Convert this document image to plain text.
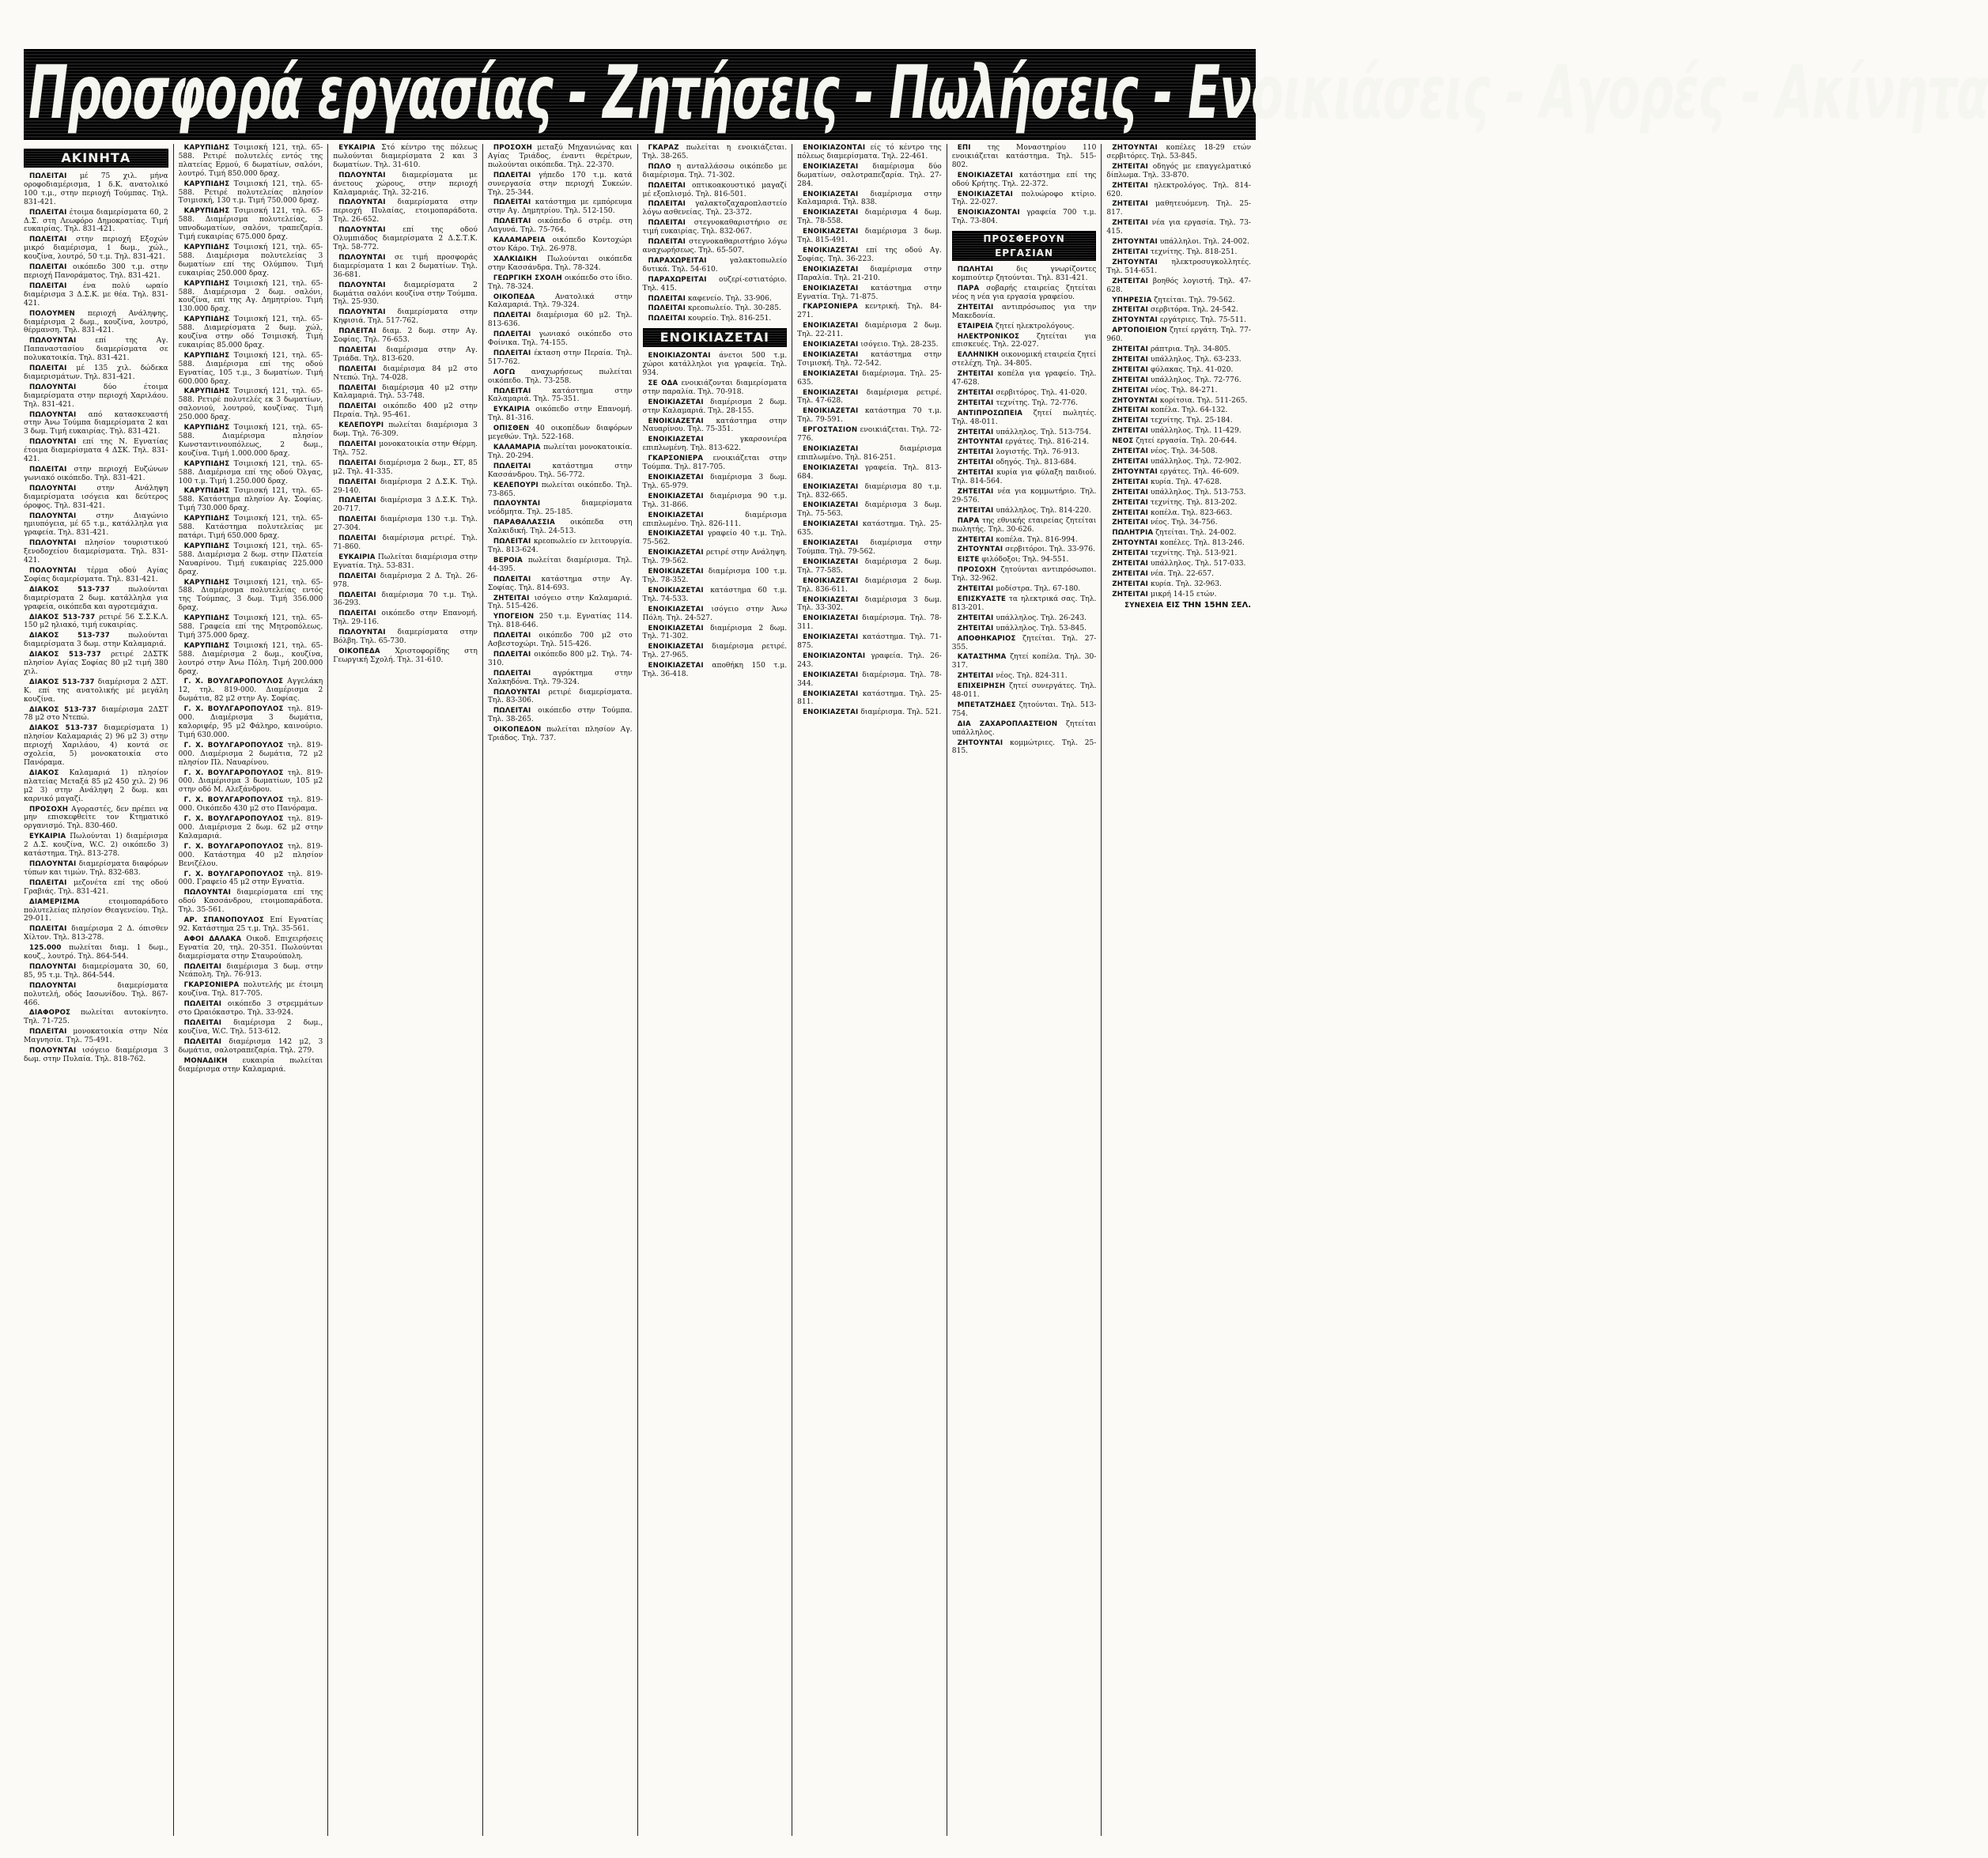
Προσφορά εργασίας - Ζητήσεις - Πωλήσεις - Ενοικιάσεις - Αγορές - Ακίνητα
ΑΚΙΝΗΤΑ

ΠΩΛΕΙΤΑΙ μέ 75 χιλ. μήνα οροφοδιαμέρισμα, 1 δ.Κ. ανατολικό 100 τ.μ., στην περιοχή Τούμπας. Τηλ. 831-421.

ΠΩΛΕΙΤΑΙ έτοιμα διαμερίσματα 60, 2 Δ.Σ. στη Λεωφόρο Δημοκρατίας. Τιμή ευκαιρίας. Τηλ. 831-421.

ΠΩΛΕΙΤΑΙ στην περιοχή Εξοχών μικρό διαμέρισμα, 1 δωμ., χώλ., κουζίνα, λουτρό, 50 τ.μ. Τηλ. 831-421.

ΠΩΛΕΙΤΑΙ οικόπεδο 300 τ.μ. στην περιοχή Πανοράματος. Τηλ. 831-421.

ΠΩΛΕΙΤΑΙ ένα πολύ ωραίο διαμέρισμα 3 Δ.Σ.Κ. με θέα. Τηλ. 831-421.

ΠΟΛΟΥΜΕΝ περιοχή Ανάληψης, διαμέρισμα 2 δωμ., κουζίνα, λουτρό, θέρμανση. Τηλ. 831-421.

ΠΩΛΟΥΝΤΑΙ επί της Αγ. Παπαναστασίου διαμερίσματα σε πολυκατοικία. Τηλ. 831-421.

ΠΩΛΕΙΤΑΙ μέ 135 χιλ. δώδεκα διαμερισμάτων. Τηλ. 831-421.

ΠΩΛΟΥΝΤΑΙ δύο έτοιμα διαμερίσματα στην περιοχή Χαριλάου. Τηλ. 831-421.

ΠΩΛΟΥΝΤΑΙ από κατασκευαστή στην Άνω Τούμπα διαμερίσματα 2 και 3 δωμ. Τιμή ευκαιρίας. Τηλ. 831-421.

ΠΩΛΟΥΝΤΑΙ επί της Ν. Εγνατίας έτοιμα διαμερίσματα 4 ΔΣΚ. Τηλ. 831-421.

ΠΩΛΕΙΤΑΙ στην περιοχή Ευζώνων γωνιακό οικόπεδο. Τηλ. 831-421.

ΠΩΛΟΥΝΤΑΙ στην Ανάληψη διαμερίσματα ισόγεια και δεύτερος όροφος. Τηλ. 831-421.

ΠΩΛΟΥΝΤΑΙ στην Διαγώνιο ημιυπόγεια, μέ 65 τ.μ., κατάλληλα για γραφεία. Τηλ. 831-421.

ΠΩΛΟΥΝΤΑΙ πλησίον τουριστικού ξενοδοχείου διαμερίσματα. Τηλ. 831-421.

ΠΟΛΟΥΝΤΑΙ τέρμα οδού Αγίας Σοφίας διαμερίσματα. Τηλ. 831-421.

ΔΙΑΚΟΣ 513-737 πωλούνται διαμερίσματα 2 δωμ. κατάλληλα για γραφεία, οικόπεδα και αγροτεμάχια.

ΔΙΑΚΟΣ 513-737 ρετιρέ 56 Σ.Σ.Κ.Λ. 150 μ2 ηλιακό, τιμή ευκαιρίας.

ΔΙΑΚΟΣ 513-737 πωλούνται διαμερίσματα 3 δωμ. στην Καλαμαριά.

ΔΙΑΚΟΣ 513-737 ρετιρέ 2ΔΣΤΚ πλησίον Αγίας Σοφίας 80 μ2 τιμή 380 χιλ.

ΔΙΑΚΟΣ 513-737 διαμέρισμα 2 ΔΣΤ. Κ. επί της ανατολικής μέ μεγάλη κουζίνα.

ΔΙΑΚΟΣ 513-737 διαμέρισμα 2ΔΣΤ 78 μ2 στο Ντεπώ.

ΔΙΑΚΟΣ 513-737 διαμερίσματα 1) πλησίον Καλαμαριάς 2) 96 μ2 3) στην περιοχή Χαριλάου, 4) κοντά σε σχολεία, 5) μονοκατοικία στο Πανόραμα.

ΔΙΑΚΟΣ Καλαμαριά 1) πλησίον πλατείας Μεταξά 85 μ2 450 χιλ. 2) 96 μ2 3) στην Ανάληψη 2 δωμ. και καρνικό μαγαζί.

ΠΡΟΣΟΧΗ Αγοραστές, δεν πρέπει να μην επισκεφθείτε τον Κτηματικό οργανισμό. Τηλ. 830-460.

ΕΥΚΑΙΡΙΑ Πωλούνται 1) διαμέρισμα 2 Δ.Σ. κουζίνα, W.C. 2) οικόπεδο 3) κατάστημα. Τηλ. 813-278.

ΠΩΛΟΥΝΤΑΙ διαμερίσματα διαφόρων τύπων και τιμών. Τηλ. 832-683.

ΠΩΛΕΙΤΑΙ μεζονέτα επί της οδού Γραβιάς. Τηλ. 831-421.

ΔΙΑΜΕΡΙΣΜΑ ετοιμοπαράδοτο πολυτελείας πλησίον Θεαγενείου. Τηλ. 29-011.

ΠΩΛΕΙΤΑΙ διαμέρισμα 2 Δ. όπισθεν Χίλτον. Τηλ. 813-278.

125.000 πωλείται διαμ. 1 δωμ., κουζ., λουτρό. Τηλ. 864-544.

ΠΩΛΟΥΝΤΑΙ διαμερίσματα 30, 60, 85, 95 τ.μ. Τηλ. 864-544.

ΠΩΛΟΥΝΤΑΙ διαμερίσματα πολυτελή, οδός Ιασωνίδου. Τηλ. 867-466.

ΔΙΑΦΟΡΟΣ πωλείται αυτοκίνητο. Τηλ. 71-725.

ΠΩΛΕΙΤΑΙ μονοκατοικία στην Νέα Μαγνησία. Τηλ. 75-491.

ΠΟΛΟΥΝΤΑΙ ισόγειο διαμέρισμα 3 δωμ. στην Πυλαία. Τηλ. 818-762.

ΚΑΡΥΠΙΔΗΣ Τσιμισκή 121, τηλ. 65-588. Ρετιρέ πολυτελές εντός της πλατείας Ερμού, 6 δωματίων, σαλόνι, λουτρό. Τιμή 850.000 δραχ.

ΚΑΡΥΠΙΔΗΣ Τσιμισκή 121, τηλ. 65-588. Ρετιρέ πολυτελείας πλησίον Τσιμισκή, 130 τ.μ. Τιμή 750.000 δραχ.

ΚΑΡΥΠΙΔΗΣ Τσιμισκή 121, τηλ. 65-588. Διαμέρισμα πολυτελείας, 3 υπνοδωματίων, σαλόνι, τραπεζαρία. Τιμή ευκαιρίας 675.000 δραχ.

ΚΑΡΥΠΙΔΗΣ Τσιμισκή 121, τηλ. 65-588. Διαμέρισμα πολυτελείας 3 δωματίων επί της Ολύμπου. Τιμή ευκαιρίας 250.000 δραχ.

ΚΑΡΥΠΙΔΗΣ Τσιμισκή 121, τηλ. 65-588. Διαμέρισμα 2 δωμ. σαλόνι, κουζίνα, επί της Αγ. Δημητρίου. Τιμή 130.000 δραχ.

ΚΑΡΥΠΙΔΗΣ Τσιμισκή 121, τηλ. 65-588. Διαμερίσματα 2 δωμ. χώλ, κουζίνα στην οδό Τσιμισκή. Τιμή ευκαιρίας 85.000 δραχ.

ΚΑΡΥΠΙΔΗΣ Τσιμισκή 121, τηλ. 65-588. Διαμέρισμα επί της οδού Εγνατίας, 105 τ.μ., 3 δωματίων. Τιμή 600.000 δραχ.

ΚΑΡΥΠΙΔΗΣ Τσιμισκή 121, τηλ. 65-588. Ρετιρέ πολυτελές εκ 3 δωματίων, σαλονιού, λουτρού, κουζίνας. Τιμή 250.000 δραχ.

ΚΑΡΥΠΙΔΗΣ Τσιμισκή 121, τηλ. 65-588. Διαμέρισμα πλησίον Κωνσταντινουπόλεως, 2 δωμ., κουζίνα. Τιμή 1.000.000 δραχ.

ΚΑΡΥΠΙΔΗΣ Τσιμισκή 121, τηλ. 65-588. Διαμέρισμα επί της οδού Όλγας, 100 τ.μ. Τιμή 1.250.000 δραχ.

ΚΑΡΥΠΙΔΗΣ Τσιμισκή 121, τηλ. 65-588. Κατάστημα πλησίον Αγ. Σοφίας. Τιμή 730.000 δραχ.

ΚΑΡΥΠΙΔΗΣ Τσιμισκή 121, τηλ. 65-588. Κατάστημα πολυτελείας με πατάρι. Τιμή 650.000 δραχ.

ΚΑΡΥΠΙΔΗΣ Τσιμισκή 121, τηλ. 65-588. Διαμέρισμα 2 δωμ. στην Πλατεία Ναυαρίνου. Τιμή ευκαιρίας 225.000 δραχ.

ΚΑΡΥΠΙΔΗΣ Τσιμισκή 121, τηλ. 65-588. Διαμέρισμα πολυτελείας εντός της Τούμπας, 3 δωμ. Τιμή 356.000 δραχ.

ΚΑΡΥΠΙΔΗΣ Τσιμισκή 121, τηλ. 65-588. Γραφεία επί της Μητροπόλεως. Τιμή 375.000 δραχ.

ΚΑΡΥΠΙΔΗΣ Τσιμισκή 121, τηλ. 65-588. Διαμέρισμα 2 δωμ., κουζίνα, λουτρό στην Άνω Πόλη. Τιμή 200.000 δραχ.

Γ. Χ. ΒΟΥΛΓΑΡΟΠΟΥΛΟΣ Αγγελάκη 12, τηλ. 819-000. Διαμέρισμα 2 δωμάτια, 82 μ2 στην Αγ. Σοφίας.

Γ. Χ. ΒΟΥΛΓΑΡΟΠΟΥΛΟΣ τηλ. 819-000. Διαμέρισμα 3 δωμάτια, καλοριφέρ, 95 μ2 Φάληρο, καινούριο. Τιμή 630.000.

Γ. Χ. ΒΟΥΛΓΑΡΟΠΟΥΛΟΣ τηλ. 819-000. Διαμέρισμα 2 δωμάτια, 72 μ2 πλησίον Πλ. Ναυαρίνου.

Γ. Χ. ΒΟΥΛΓΑΡΟΠΟΥΛΟΣ τηλ. 819-000. Διαμέρισμα 3 δωματίων, 105 μ2 στην οδό Μ. Αλεξάνδρου.

Γ. Χ. ΒΟΥΛΓΑΡΟΠΟΥΛΟΣ τηλ. 819-000. Οικόπεδο 430 μ2 στο Πανόραμα.

Γ. Χ. ΒΟΥΛΓΑΡΟΠΟΥΛΟΣ τηλ. 819-000. Διαμέρισμα 2 δωμ. 62 μ2 στην Καλαμαριά.

Γ. Χ. ΒΟΥΛΓΑΡΟΠΟΥΛΟΣ τηλ. 819-000. Κατάστημα 40 μ2 πλησίον Βενιζέλου.

Γ. Χ. ΒΟΥΛΓΑΡΟΠΟΥΛΟΣ τηλ. 819-000. Γραφείο 45 μ2 στην Εγνατία.

ΠΩΛΟΥΝΤΑΙ διαμερίσματα επί της οδού Κασσάνδρου, ετοιμοπαράδοτα. Τηλ. 35-561.

ΑΡ. ΣΠΑΝΟΠΟΥΛΟΣ Επί Εγνατίας 92. Κατάστημα 25 τ.μ. Τηλ. 35-561.

ΑΦΟΙ ΔΑΛΑΚΑ Οικοδ. Επιχειρήσεις Εγνατία 20, τηλ. 20-351. Πωλούνται διαμερίσματα στην Σταυρούπολη.

ΠΩΛΕΙΤΑΙ διαμέρισμα 3 δωμ. στην Νεάπολη. Τηλ. 76-913.

ΓΚΑΡΣΟΝΙΕΡΑ πολυτελής με έτοιμη κουζίνα. Τηλ. 817-705.

ΠΩΛΕΙΤΑΙ οικόπεδο 3 στρεμμάτων στο Ωραιόκαστρο. Τηλ. 33-924.

ΠΩΛΕΙΤΑΙ διαμέρισμα 2 δωμ., κουζίνα, W.C. Τηλ. 513-612.

ΠΩΛΕΙΤΑΙ διαμέρισμα 142 μ2, 3 δωμάτια, σαλοτραπεζαρία. Τηλ. 279.

ΜΟΝΑΔΙΚΗ ευκαιρία πωλείται διαμέρισμα στην Καλαμαριά.

ΕΥΚΑΙΡΙΑ Στό κέντρο της πόλεως πωλούνται διαμερίσματα 2 και 3 δωματίων. Τηλ. 31-610.

ΠΩΛΟΥΝΤΑΙ διαμερίσματα με άνετους χώρους, στην περιοχή Καλαμαριάς. Τηλ. 32-216.

ΠΩΛΟΥΝΤΑΙ διαμερίσματα στην περιοχή Πυλαίας, ετοιμοπαράδοτα. Τηλ. 26-652.

ΠΩΛΟΥΝΤΑΙ επί της οδού Ολυμπιάδος διαμερίσματα 2 Δ.Σ.Τ.Κ. Τηλ. 58-772.

ΠΩΛΟΥΝΤΑΙ σε τιμή προσφοράς διαμερίσματα 1 και 2 δωματίων. Τηλ. 36-681.

ΠΩΛΟΥΝΤΑΙ διαμερίσματα 2 δωμάτια σαλόνι κουζίνα στην Τούμπα. Τηλ. 25-930.

ΠΩΛΟΥΝΤΑΙ διαμερίσματα στην Κηφισιά. Τηλ. 517-762.

ΠΩΛΕΙΤΑΙ διαμ. 2 δωμ. στην Αγ. Σοφίας. Τηλ. 76-653.

ΠΩΛΕΙΤΑΙ διαμέρισμα στην Αγ. Τριάδα. Τηλ. 813-620.

ΠΩΛΕΙΤΑΙ διαμέρισμα 84 μ2 στο Ντεπώ. Τηλ. 74-028.

ΠΩΛΕΙΤΑΙ διαμέρισμα 40 μ2 στην Καλαμαριά. Τηλ. 53-748.

ΠΩΛΕΙΤΑΙ οικόπεδο 400 μ2 στην Περαία. Τηλ. 95-461.

ΚΕΛΕΠΟΥΡΙ πωλείται διαμέρισμα 3 δωμ. Τηλ. 76-309.

ΠΩΛΕΙΤΑΙ μονοκατοικία στην Θέρμη. Τηλ. 752.

ΠΩΛΕΙΤΑΙ διαμέρισμα 2 δωμ., ΣΤ, 85 μ2. Τηλ. 41-335.

ΠΩΛΕΙΤΑΙ διαμέρισμα 2 Δ.Σ.Κ. Τηλ. 29-140.

ΠΩΛΕΙΤΑΙ διαμέρισμα 3 Δ.Σ.Κ. Τηλ. 20-717.

ΠΩΛΕΙΤΑΙ διαμέρισμα 130 τ.μ. Τηλ. 27-304.

ΠΩΛΕΙΤΑΙ διαμέρισμα ρετιρέ. Τηλ. 71-860.

ΕΥΚΑΙΡΙΑ Πωλείται διαμέρισμα στην Εγνατία. Τηλ. 53-831.

ΠΩΛΕΙΤΑΙ διαμέρισμα 2 Δ. Τηλ. 26-978.

ΠΩΛΕΙΤΑΙ διαμέρισμα 70 τ.μ. Τηλ. 36-293.

ΠΩΛΕΙΤΑΙ οικόπεδο στην Επανομή. Τηλ. 29-116.

ΠΩΛΟΥΝΤΑΙ διαμερίσματα στην Βόλβη. Τηλ. 65-730.

ΟΙΚΟΠΕΔΑ Χριστοφορίδης στη Γεωργική Σχολή. Τηλ. 31-610.

ΠΡΟΣΟΧΗ μεταξύ Μηχανιώνας και Αγίας Τριάδος, έναντι θερέτρων, πωλούνται οικόπεδα. Τηλ. 22-370.

ΠΩΛΕΙΤΑΙ γήπεδο 170 τ.μ. κατά συνεργασία στην περιοχή Συκεών. Τηλ. 25-344.

ΠΩΛΕΙΤΑΙ κατάστημα με εμπόρευμα στην Αγ. Δημητρίου. Τηλ. 512-150.

ΠΩΛΕΙΤΑΙ οικόπεδο 6 στρέμ. στη Λαγυνά. Τηλ. 75-764.

ΚΑΛΑΜΑΡΕΙΑ οικόπεδο Κοντοχώρι στον Κάρο. Τηλ. 26-978.

ΧΑΛΚΙΔΙΚΗ Πωλούνται οικόπεδα στην Κασσάνδρα. Τηλ. 78-324.

ΓΕΩΡΓΙΚΗ ΣΧΟΛΗ οικόπεδο στο ίδιο. Τηλ. 78-324.

ΟΙΚΟΠΕΔΑ Ανατολικά στην Καλαμαριά. Τηλ. 79-324.

ΠΩΛΕΙΤΑΙ διαμέρισμα 60 μ2. Τηλ. 813-636.

ΠΩΛΕΙΤΑΙ γωνιακό οικόπεδο στο Φοίνικα. Τηλ. 74-155.

ΠΩΛΕΙΤΑΙ έκταση στην Περαία. Τηλ. 517-762.

ΛΟΓΩ αναχωρήσεως πωλείται οικόπεδο. Τηλ. 73-258.

ΠΩΛΕΙΤΑΙ κατάστημα στην Καλαμαριά. Τηλ. 75-351.

ΕΥΚΑΙΡΙΑ οικόπεδο στην Επανομή. Τηλ. 81-316.

ΟΠΙΣΘΕΝ 40 οικοπέδων διαφόρων μεγεθών. Τηλ. 522-168.

ΚΑΛΑΜΑΡΙΑ πωλείται μονοκατοικία. Τηλ. 20-294.

ΠΩΛΕΙΤΑΙ κατάστημα στην Κασσάνδρου. Τηλ. 56-772.

ΚΕΛΕΠΟΥΡΙ πωλείται οικόπεδο. Τηλ. 73-865.

ΠΩΛΟΥΝΤΑΙ διαμερίσματα νεόδμητα. Τηλ. 25-185.

ΠΑΡΑΘΑΛΑΣΣΙΑ οικόπεδα στη Χαλκιδική. Τηλ. 24-513.

ΠΩΛΕΙΤΑΙ κρεοπωλείο εν λειτουργία. Τηλ. 813-624.

ΒΕΡΟΙΑ πωλείται διαμέρισμα. Τηλ. 44-395.

ΠΩΛΕΙΤΑΙ κατάστημα στην Αγ. Σοφίας. Τηλ. 814-693.

ΖΗΤΕΙΤΑΙ ισόγειο στην Καλαμαριά. Τηλ. 515-426.

ΥΠΟΓΕΙΟΝ 250 τ.μ. Εγνατίας 114. Τηλ. 818-646.

ΠΩΛΕΙΤΑΙ οικόπεδο 700 μ2 στο Ασβεστοχώρι. Τηλ. 515-426.

ΠΩΛΕΙΤΑΙ οικόπεδο 800 μ2. Τηλ. 74-310.

ΠΩΛΕΙΤΑΙ αγρόκτημα στην Χαλκηδόνα. Τηλ. 79-324.

ΠΩΛΟΥΝΤΑΙ ρετιρέ διαμερίσματα. Τηλ. 83-306.

ΠΩΛΕΙΤΑΙ οικόπεδο στην Τούμπα. Τηλ. 38-265.

ΟΙΚΟΠΕΔΟΝ πωλείται πλησίον Αγ. Τριάδος. Τηλ. 737.

ΓΚΑΡΑΖ πωλείται η ενοικιάζεται. Τηλ. 38-265.

ΠΩΛΟ η ανταλλάσσω οικόπεδο με διαμέρισμα. Τηλ. 71-302.

ΠΩΛΕΙΤΑΙ οπτικοακουστικό μαγαζί μέ εξοπλισμό. Τηλ. 816-501.

ΠΩΛΕΙΤΑΙ γαλακτοζαχαροπλαστείο λόγω ασθενείας. Τηλ. 23-372.

ΠΩΛΕΙΤΑΙ στεγνοκαθαριστήριο σε τιμή ευκαιρίας. Τηλ. 832-067.

ΠΩΛΕΙΤΑΙ στεγνοκαθαριστήριο λόγω αναχωρήσεως. Τηλ. 65-507.

ΠΑΡΑΧΩΡΕΙΤΑΙ γαλακτοπωλείο δυτικά. Τηλ. 54-610.

ΠΑΡΑΧΩΡΕΙΤΑΙ ουζερί-εστιατόριο. Τηλ. 415.

ΠΩΛΕΙΤΑΙ καφενείο. Τηλ. 33-906.

ΠΩΛΕΙΤΑΙ κρεοπωλείο. Τηλ. 30-285.

ΠΩΛΕΙΤΑΙ κουρείο. Τηλ. 816-251.

ΕΝΟΙΚΙΑΖΕΤΑΙ

ΕΝΟΙΚΙΑΖΟΝΤΑΙ άνετοι 500 τ.μ. χώροι κατάλληλοι για γραφεία. Τηλ. 934.

ΣΕ ΟΔΑ ενοικιάζονται διαμερίσματα στην παραλία. Τηλ. 70-918.

ΕΝΟΙΚΙΑΖΕΤΑΙ διαμέρισμα 2 δωμ. στην Καλαμαριά. Τηλ. 28-155.

ΕΝΟΙΚΙΑΖΕΤΑΙ κατάστημα στην Ναυαρίνου. Τηλ. 75-351.

ΕΝΟΙΚΙΑΖΕΤΑΙ γκαρσονιέρα επιπλωμένη. Τηλ. 813-622.

ΓΚΑΡΣΟΝΙΕΡΑ ενοικιάζεται στην Τούμπα. Τηλ. 817-705.

ΕΝΟΙΚΙΑΖΕΤΑΙ διαμέρισμα 3 δωμ. Τηλ. 65-979.

ΕΝΟΙΚΙΑΖΕΤΑΙ διαμέρισμα 90 τ.μ. Τηλ. 31-866.

ΕΝΟΙΚΙΑΖΕΤΑΙ διαμέρισμα επιπλωμένο. Τηλ. 826-111.

ΕΝΟΙΚΙΑΖΕΤΑΙ γραφείο 40 τ.μ. Τηλ. 75-562.

ΕΝΟΙΚΙΑΖΕΤΑΙ ρετιρέ στην Ανάληψη. Τηλ. 79-562.

ΕΝΟΙΚΙΑΖΕΤΑΙ διαμέρισμα 100 τ.μ. Τηλ. 78-352.

ΕΝΟΙΚΙΑΖΕΤΑΙ κατάστημα 60 τ.μ. Τηλ. 74-533.

ΕΝΟΙΚΙΑΖΕΤΑΙ ισόγειο στην Άνω Πόλη. Τηλ. 24-527.

ΕΝΟΙΚΙΑΖΕΤΑΙ διαμέρισμα 2 δωμ. Τηλ. 71-302.

ΕΝΟΙΚΙΑΖΕΤΑΙ διαμέρισμα ρετιρέ. Τηλ. 27-965.

ΕΝΟΙΚΙΑΖΕΤΑΙ αποθήκη 150 τ.μ. Τηλ. 36-418.

ΕΝΟΙΚΙΑΖΟΝΤΑΙ είς τό κέντρο της πόλεως διαμερίσματα. Τηλ. 22-461.

ΕΝΟΙΚΙΑΖΕΤΑΙ διαμέρισμα δύο δωματίων, σαλοτραπεζαρία. Τηλ. 27-284.

ΕΝΟΙΚΙΑΖΕΤΑΙ διαμέρισμα στην Καλαμαριά. Τηλ. 838.

ΕΝΟΙΚΙΑΖΕΤΑΙ διαμέρισμα 4 δωμ. Τηλ. 78-558.

ΕΝΟΙΚΙΑΖΕΤΑΙ διαμέρισμα 3 δωμ. Τηλ. 815-491.

ΕΝΟΙΚΙΑΖΕΤΑΙ επί της οδού Αγ. Σοφίας. Τηλ. 36-223.

ΕΝΟΙΚΙΑΖΕΤΑΙ διαμέρισμα στην Παραλία. Τηλ. 21-210.

ΕΝΟΙΚΙΑΖΕΤΑΙ κατάστημα στην Εγνατία. Τηλ. 71-875.

ΓΚΑΡΣΟΝΙΕΡΑ κεντρική. Τηλ. 84-271.

ΕΝΟΙΚΙΑΖΕΤΑΙ διαμέρισμα 2 δωμ. Τηλ. 22-211.

ΕΝΟΙΚΙΑΖΕΤΑΙ ισόγειο. Τηλ. 28-235.

ΕΝΟΙΚΙΑΖΕΤΑΙ κατάστημα στην Τσιμισκή. Τηλ. 72-542.

ΕΝΟΙΚΙΑΖΕΤΑΙ διαμέρισμα. Τηλ. 25-635.

ΕΝΟΙΚΙΑΖΕΤΑΙ διαμέρισμα ρετιρέ. Τηλ. 47-628.

ΕΝΟΙΚΙΑΖΕΤΑΙ κατάστημα 70 τ.μ. Τηλ. 79-591.

ΕΡΓΟΣΤΑΣΙΟΝ ενοικιάζεται. Τηλ. 72-776.

ΕΝΟΙΚΙΑΖΕΤΑΙ διαμέρισμα επιπλωμένο. Τηλ. 816-251.

ΕΝΟΙΚΙΑΖΕΤΑΙ γραφεία. Τηλ. 813-684.

ΕΝΟΙΚΙΑΖΕΤΑΙ διαμέρισμα 80 τ.μ. Τηλ. 832-665.

ΕΝΟΙΚΙΑΖΕΤΑΙ διαμέρισμα 3 δωμ. Τηλ. 75-563.

ΕΝΟΙΚΙΑΖΕΤΑΙ κατάστημα. Τηλ. 25-635.

ΕΝΟΙΚΙΑΖΕΤΑΙ διαμέρισμα στην Τούμπα. Τηλ. 79-562.

ΕΝΟΙΚΙΑΖΕΤΑΙ διαμέρισμα 2 δωμ. Τηλ. 77-585.

ΕΝΟΙΚΙΑΖΕΤΑΙ διαμέρισμα 2 δωμ. Τηλ. 836-611.

ΕΝΟΙΚΙΑΖΕΤΑΙ διαμέρισμα 3 δωμ. Τηλ. 33-302.

ΕΝΟΙΚΙΑΖΕΤΑΙ διαμέρισμα. Τηλ. 78-311.

ΕΝΟΙΚΙΑΖΕΤΑΙ κατάστημα. Τηλ. 71-875.

ΕΝΟΙΚΙΑΖΟΝΤΑΙ γραφεία. Τηλ. 26-243.

ΕΝΟΙΚΙΑΖΕΤΑΙ διαμέρισμα. Τηλ. 78-344.

ΕΝΟΙΚΙΑΖΕΤΑΙ κατάστημα. Τηλ. 25-811.

ΕΝΟΙΚΙΑΖΕΤΑΙ διαμέρισμα. Τηλ. 521.

ΕΠΙ της Μοναστηρίου 110 ενοικιάζεται κατάστημα. Τηλ. 515-802.

ΕΝΟΙΚΙΑΖΕΤΑΙ κατάστημα επί της οδού Κρήτης. Τηλ. 22-372.

ΕΝΟΙΚΙΑΖΕΤΑΙ πολυώροφο κτίριο. Τηλ. 22-027.

ΕΝΟΙΚΙΑΖΟΝΤΑΙ γραφεία 700 τ.μ. Τηλ. 73-804.

ΠΡΟΣΦΕΡΟΥΝ ΕΡΓΑΣΙΑΝ

ΠΩΛΗΤΑΙ δις γνωρίζοντες κομπιούτερ ζητούνται. Τηλ. 831-421.

ΠΑΡΑ σοβαρής εταιρείας ζητείται νέος η νέα για εργασία γραφείου.

ΖΗΤΕΙΤΑΙ αντιπρόσωπος για την Μακεδονία.

ΕΤΑΙΡΕΙΑ ζητεί ηλεκτρολόγους.

ΗΛΕΚΤΡΟΝΙΚΟΣ ζητείται για επισκευές. Τηλ. 22-027.

ΕΛΛΗΝΙΚΗ οικονομική εταιρεία ζητεί στελέχη. Τηλ. 34-805.

ΖΗΤΕΙΤΑΙ κοπέλα για γραφείο. Τηλ. 47-628.

ΖΗΤΕΙΤΑΙ σερβιτόρος. Τηλ. 41-020.

ΖΗΤΕΙΤΑΙ τεχνίτης. Τηλ. 72-776.

ΑΝΤΙΠΡΟΣΩΠΕΙΑ ζητεί πωλητές. Τηλ. 48-011.

ΖΗΤΕΙΤΑΙ υπάλληλος. Τηλ. 513-754.

ΖΗΤΟΥΝΤΑΙ εργάτες. Τηλ. 816-214.

ΖΗΤΕΙΤΑΙ λογιστής. Τηλ. 76-913.

ΖΗΤΕΙΤΑΙ οδηγός. Τηλ. 813-684.

ΖΗΤΕΙΤΑΙ κυρία για φύλαξη παιδιού. Τηλ. 814-564.

ΖΗΤΕΙΤΑΙ νέα για κομμωτήριο. Τηλ. 29-576.

ΖΗΤΕΙΤΑΙ υπάλληλος. Τηλ. 814-220.

ΠΑΡΑ της εθνικής εταιρείας ζητείται πωλητής. Τηλ. 30-626.

ΖΗΤΕΙΤΑΙ κοπέλα. Τηλ. 816-994.

ΖΗΤΟΥΝΤΑΙ σερβιτόροι. Τηλ. 33-976.

ΕΙΣΤΕ φιλόδοξοι; Τηλ. 94-551.

ΠΡΟΣΟΧΗ ζητούνται αντιπρόσωποι. Τηλ. 32-962.

ΖΗΤΕΙΤΑΙ μοδίστρα. Τηλ. 67-180.

ΕΠΙΣΚΥΑΣΤΕ τα ηλεκτρικά σας. Τηλ. 813-201.

ΖΗΤΕΙΤΑΙ υπάλληλος. Τηλ. 26-243.

ΖΗΤΕΙΤΑΙ υπάλληλος. Τηλ. 53-845.

ΑΠΟΘΗΚΑΡΙΟΣ ζητείται. Τηλ. 27-355.

ΚΑΤΑΣΤΗΜΑ ζητεί κοπέλα. Τηλ. 30-317.

ΖΗΤΕΙΤΑΙ νέος. Τηλ. 824-311.

ΕΠΙΧΕΙΡΗΣΗ ζητεί συνεργάτες. Τηλ. 48-011.

ΜΠΕΤΑΤΖΗΔΕΣ ζητούνται. Τηλ. 513-754.

ΔΙΑ ΖΑΧΑΡΟΠΛΑΣΤΕΙΟΝ ζητείται υπάλληλος.

ΖΗΤΟΥΝΤΑΙ κομμώτριες. Τηλ. 25-815.

ΖΗΤΟΥΝΤΑΙ κοπέλες 18-29 ετών σερβιτόρες. Τηλ. 53-845.

ΖΗΤΕΙΤΑΙ οδηγός με επαγγελματικό δίπλωμα. Τηλ. 33-870.

ΖΗΤΕΙΤΑΙ ηλεκτρολόγος. Τηλ. 814-620.

ΖΗΤΕΙΤΑΙ μαθητευόμενη. Τηλ. 25-817.

ΖΗΤΕΙΤΑΙ νέα για εργασία. Τηλ. 73-415.

ΖΗΤΟΥΝΤΑΙ υπάλληλοι. Τηλ. 24-002.

ΖΗΤΕΙΤΑΙ τεχνίτης. Τηλ. 818-251.

ΖΗΤΟΥΝΤΑΙ ηλεκτροσυγκολλητές. Τηλ. 514-651.

ΖΗΤΕΙΤΑΙ βοηθός λογιστή. Τηλ. 47-628.

ΥΠΗΡΕΣΙΑ ζητείται. Τηλ. 79-562.

ΖΗΤΕΙΤΑΙ σερβιτόρα. Τηλ. 24-542.

ΖΗΤΟΥΝΤΑΙ εργάτριες. Τηλ. 75-511.

ΑΡΤΟΠΟΙΕΙΟΝ ζητεί εργάτη. Τηλ. 77-960.

ΖΗΤΕΙΤΑΙ ράπτρια. Τηλ. 34-805.

ΖΗΤΕΙΤΑΙ υπάλληλος. Τηλ. 63-233.

ΖΗΤΕΙΤΑΙ φύλακας. Τηλ. 41-020.

ΖΗΤΕΙΤΑΙ υπάλληλος. Τηλ. 72-776.

ΖΗΤΕΙΤΑΙ νέος. Τηλ. 84-271.

ΖΗΤΟΥΝΤΑΙ κορίτσια. Τηλ. 511-265.

ΖΗΤΕΙΤΑΙ κοπέλα. Τηλ. 64-132.

ΖΗΤΕΙΤΑΙ τεχνίτης. Τηλ. 25-184.

ΖΗΤΕΙΤΑΙ υπάλληλος. Τηλ. 11-429.

ΝΕΟΣ ζητεί εργασία. Τηλ. 20-644.

ΖΗΤΕΙΤΑΙ νέος. Τηλ. 34-508.

ΖΗΤΕΙΤΑΙ υπάλληλος. Τηλ. 72-902.

ΖΗΤΟΥΝΤΑΙ εργάτες. Τηλ. 46-609.

ΖΗΤΕΙΤΑΙ κυρία. Τηλ. 47-628.

ΖΗΤΕΙΤΑΙ υπάλληλος. Τηλ. 513-753.

ΖΗΤΕΙΤΑΙ τεχνίτης. Τηλ. 813-202.

ΖΗΤΕΙΤΑΙ κοπέλα. Τηλ. 823-663.

ΖΗΤΕΙΤΑΙ νέος. Τηλ. 34-756.

ΠΩΛΗΤΡΙΑ ζητείται. Τηλ. 24-002.

ΖΗΤΟΥΝΤΑΙ κοπέλες. Τηλ. 813-246.

ΖΗΤΕΙΤΑΙ τεχνίτης. Τηλ. 513-921.

ΖΗΤΕΙΤΑΙ υπάλληλος. Τηλ. 517-033.

ΖΗΤΕΙΤΑΙ νέα. Τηλ. 22-657.

ΖΗΤΕΙΤΑΙ κυρία. Τηλ. 32-963.

ΖΗΤΕΙΤΑΙ μικρή 14-15 ετών.

ΣΥΝΕΧΕΙΑ ΕΙΣ ΤΗΝ 15ΗΝ ΣΕΛ.
